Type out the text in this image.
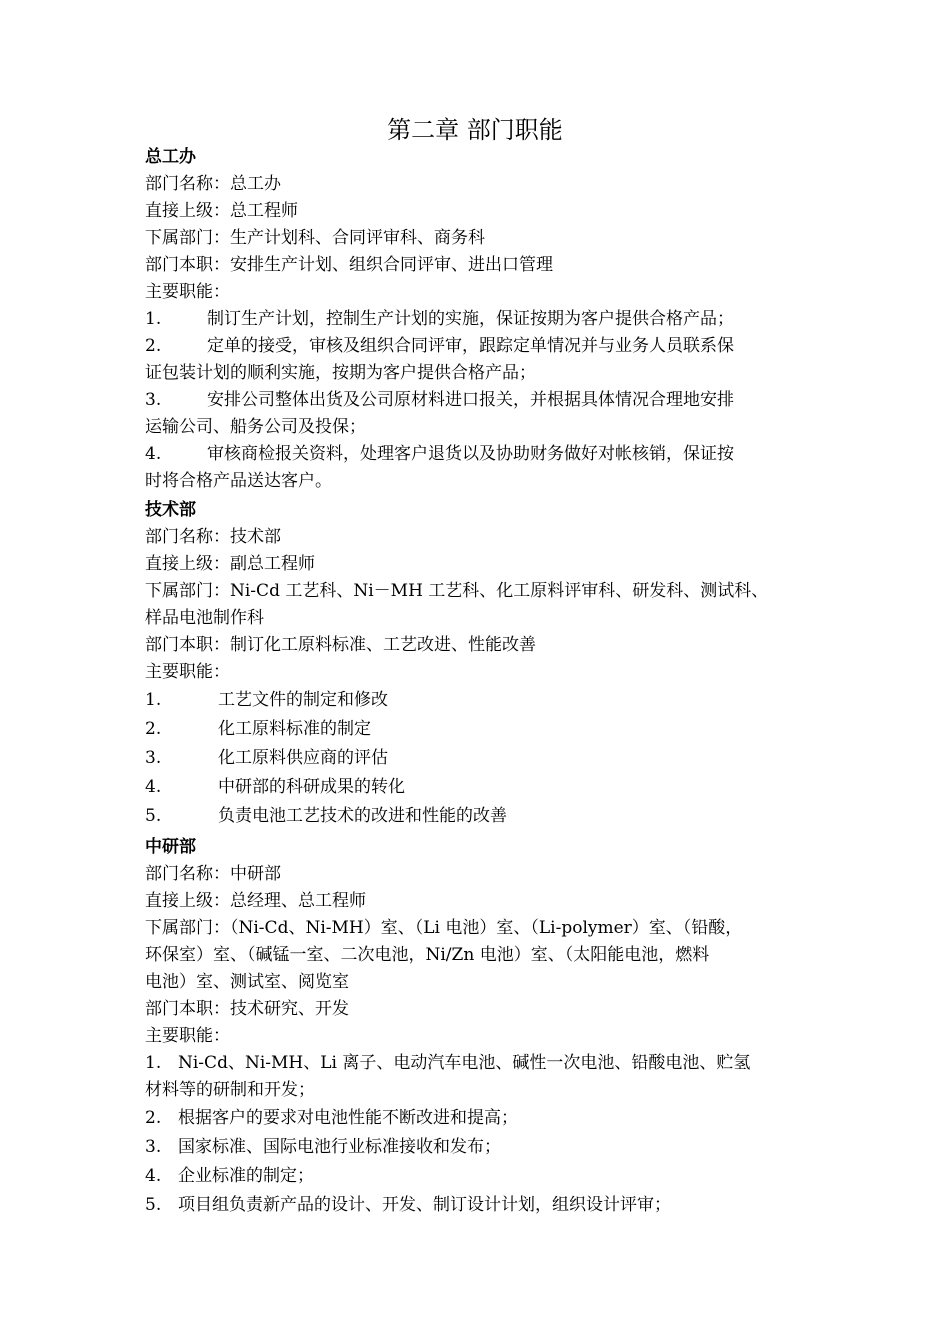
第二章 部门职能
总工办
部门名称：总工办
直接上级：总工程师
下属部门：生产计划科、合同评审科、商务科
部门本职：安排生产计划、组织合同评审、进出口管理
主要职能：
1.	制订生产计划，控制生产计划的实施，保证按期为客户提供合格产品；
2.	定单的接受，审核及组织合同评审，跟踪定单情况并与业务人员联系保
证包装计划的顺利实施，按期为客户提供合格产品；
3.	安排公司整体出货及公司原材料进口报关，并根据具体情况合理地安排
运输公司、船务公司及投保；
4.	审核商检报关资料，处理客户退货以及协助财务做好对帐核销，保证按
时将合格产品送达客户。
技术部
部门名称：技术部
直接上级：副总工程师
下属部门：Ni-Cd 工艺科、Ni－MH 工艺科、化工原料评审科、研发科、测试科、
样品电池制作科
部门本职：制订化工原料标准、工艺改进、性能改善
主要职能：
1.	工艺文件的制定和修改
2.	化工原料标准的制定
3.	化工原料供应商的评估
4.	中研部的科研成果的转化
5.	负责电池工艺技术的改进和性能的改善
中研部
部门名称：中研部
直接上级：总经理、总工程师
下属部门：（Ni-Cd、Ni-MH）室、（Li 电池）室、（Li-polymer）室、（铅酸，
环保室）室、（碱锰一室、二次电池，Ni/Zn 电池）室、（太阳能电池，燃料
电池）室、测试室、阅览室
部门本职：技术研究、开发
主要职能：
1. Ni-Cd、Ni-MH、Li 离子、电动汽车电池、碱性一次电池、铅酸电池、贮氢
材料等的研制和开发；
2. 根据客户的要求对电池性能不断改进和提高；
3. 国家标准、国际电池行业标准接收和发布；
4. 企业标准的制定；
5. 项目组负责新产品的设计、开发、制订设计计划，组织设计评审；
